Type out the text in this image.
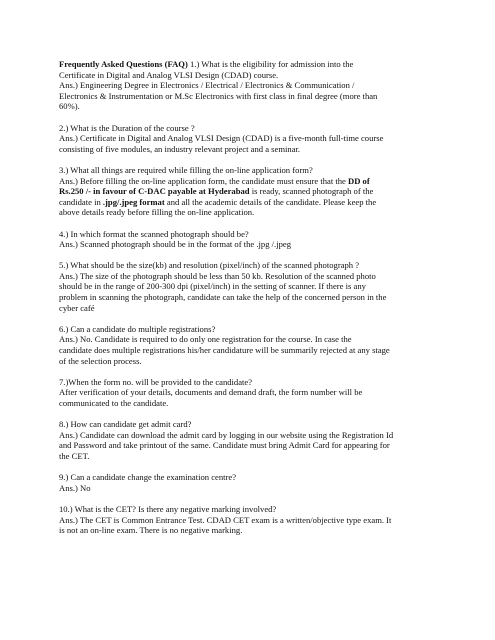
Frequently Asked Questions (FAQ) 1.) What is the eligibility for admission into the
Certificate in Digital and Analog VLSI Design (CDAD) course.
Ans.) Engineering Degree in Electronics / Electrical / Electronics & Communication /
Electronics & Instrumentation or M.Sc Electronics with first class in final degree (more than
60%).
2.) What is the Duration of the course ?
Ans.) Certificate in Digital and Analog VLSI Design (CDAD) is a five-month full-time course
consisting of five modules, an industry relevant project and a seminar.
3.) What all things are required while filling the on-line application form?
Ans.) Before filling the on-line application form, the candidate must ensure that the DD of
Rs.250 /- in favour of C-DAC payable at Hyderabad is ready, scanned photograph of the
candidate in .jpg/.jpeg format and all the academic details of the candidate. Please keep the
above details ready before filling the on-line application.
4.) In which format the scanned photograph should be?
Ans.) Scanned photograph should be in the format of the .jpg /.jpeg
5.) What should be the size(kb) and resolution (pixel/inch) of the scanned photograph ?
Ans.) The size of the photograph should be less than 50 kb. Resolution of the scanned photo
should be in the range of 200-300 dpi (pixel/inch) in the setting of scanner. If there is any
problem in scanning the photograph, candidate can take the help of the concerned person in the
cyber café
6.) Can a candidate do multiple registrations?
Ans.) No. Candidate is required to do only one registration for the course. In case the
candidate does multiple registrations his/her candidature will be summarily rejected at any stage
of the selection process.
7.)When the form no. will be provided to the candidate?
After verification of your details, documents and demand draft, the form number will be
communicated to the candidate.
8.) How can candidate get admit card?
Ans.) Candidate can download the admit card by logging in our website using the Registration Id
and Password and take printout of the same. Candidate must bring Admit Card for appearing for
the CET.
9.) Can a candidate change the examination centre?
Ans.) No
10.) What is the CET? Is there any negative marking involved?
Ans.) The CET is Common Entrance Test. CDAD CET exam is a written/objective type exam. It
is not an on-line exam. There is no negative marking.
